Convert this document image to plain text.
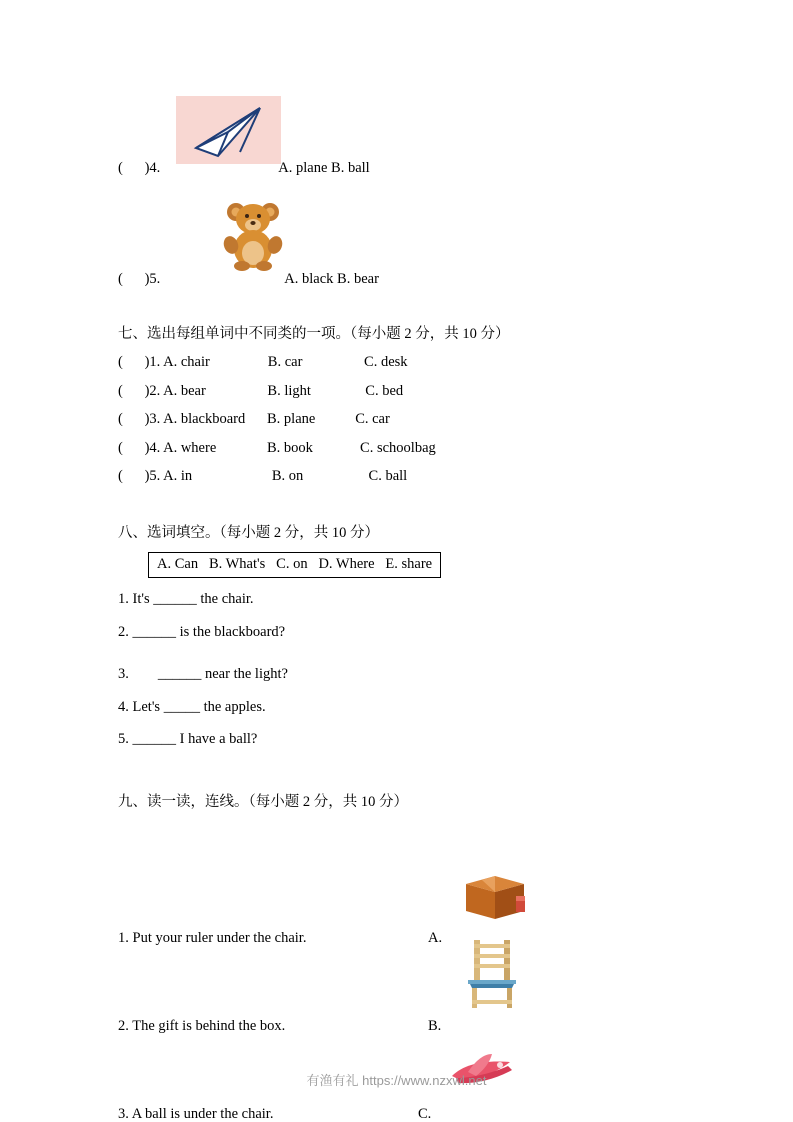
(      )4.	A. plane B. ball
(      )5.	A. black B. bear
七、选出每组单词中不同类的一项。（每小题 2 分，共 10 分）
(      )1. A. chair                B. car                 C. desk
(      )2. A. bear                 B. light               C. bed
(      )3. A. blackboard      B. plane           C. car
(      )4. A. where              B. book             C. schoolbag
(      )5. A. in                      B. on                  C. ball
八、选词填空。（每小题 2 分，共 10 分）
A. Can   B. What's   C. on   D. Where   E. share
1. It's ______ the chair.
2. ______ is the blackboard?
3.        ______ near the light?
4. Let's _____ the apples.
5. ______ I have a ball?
九、读一读，连线。（每小题 2 分，共 10 分）
1. Put your ruler under the chair.	A.
2. The gift is behind the box.	B.
3. A ball is under the chair.	C.
有渔有礼 https://www.nzxwl.net
